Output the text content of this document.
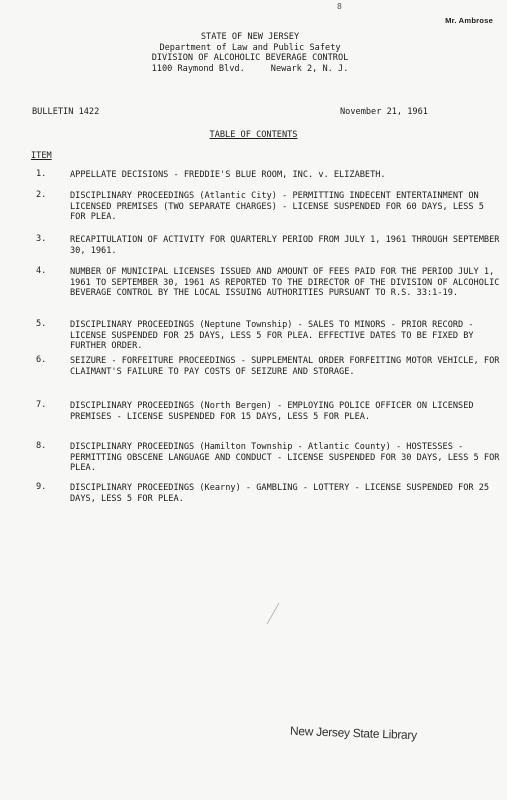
8
Mr. Ambrose
STATE OF NEW JERSEY
Department of Law and Public Safety
DIVISION OF ALCOHOLIC BEVERAGE CONTROL
1100 Raymond Blvd.	Newark 2, N. J.
BULLETIN 1422	November 21, 1961
TABLE OF CONTENTS
ITEM
1.	APPELLATE DECISIONS - FREDDIE'S BLUE ROOM, INC. v. ELIZABETH.
2.	DISCIPLINARY PROCEEDINGS (Atlantic City) - PERMITTING INDECENT ENTERTAINMENT ON LICENSED PREMISES (TWO SEPARATE CHARGES) - LICENSE SUSPENDED FOR 60 DAYS, LESS 5 FOR PLEA.
3.	RECAPITULATION OF ACTIVITY FOR QUARTERLY PERIOD FROM JULY 1, 1961 THROUGH SEPTEMBER 30, 1961.
4.	NUMBER OF MUNICIPAL LICENSES ISSUED AND AMOUNT OF FEES PAID FOR THE PERIOD JULY 1, 1961 TO SEPTEMBER 30, 1961 AS REPORTED TO THE DIRECTOR OF THE DIVISION OF ALCOHOLIC BEVERAGE CONTROL BY THE LOCAL ISSUING AUTHORITIES PURSUANT TO R.S. 33:1-19.
5.	DISCIPLINARY PROCEEDINGS (Neptune Township) - SALES TO MINORS - PRIOR RECORD - LICENSE SUSPENDED FOR 25 DAYS, LESS 5 FOR PLEA. EFFECTIVE DATES TO BE FIXED BY FURTHER ORDER.
6.	SEIZURE - FORFEITURE PROCEEDINGS - SUPPLEMENTAL ORDER FORFEITING MOTOR VEHICLE, FOR CLAIMANT'S FAILURE TO PAY COSTS OF SEIZURE AND STORAGE.
7.	DISCIPLINARY PROCEEDINGS (North Bergen) - EMPLOYING POLICE OFFICER ON LICENSED PREMISES - LICENSE SUSPENDED FOR 15 DAYS, LESS 5 FOR PLEA.
8.	DISCIPLINARY PROCEEDINGS (Hamilton Township - Atlantic County) - HOSTESSES - PERMITTING OBSCENE LANGUAGE AND CONDUCT - LICENSE SUSPENDED FOR 30 DAYS, LESS 5 FOR PLEA.
9.	DISCIPLINARY PROCEEDINGS (Kearny) - GAMBLING - LOTTERY - LICENSE SUSPENDED FOR 25 DAYS, LESS 5 FOR PLEA.
New Jersey State Library
